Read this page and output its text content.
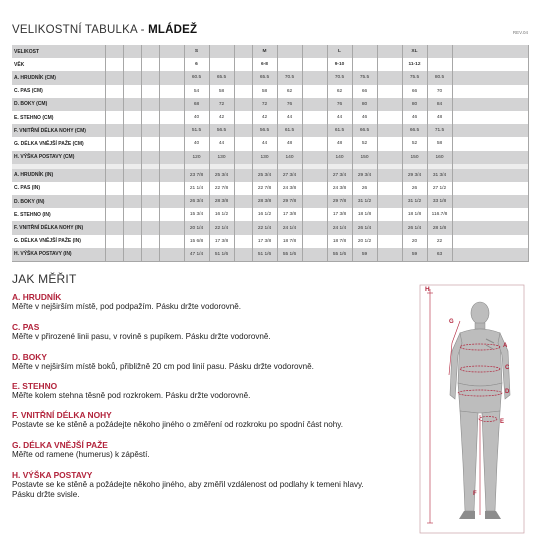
VELIKOSTNÍ TABULKA - MLÁDEŽ	REV.04
VELIKOST					S			M			L			XL		
VĚK					6			6-8			9-10			11-12		
A. HRUDNÍK (CM)					60.5	65.5		65.5	70.5		70.5	75.5		75.5	80.5	
C. PAS (CM)					54	58		58	62		62	66		66	70	
D. BOKY (CM)					68	72		72	76		76	80		80	84	
E. STEHNO (CM)					40	42		42	44		44	46		46	48	
F. VNITŘNÍ DÉLKA NOHY (CM)					51.5	56.5		56.5	61.5		61.5	66.5		66.5	71.5	
G. DÉLKA VNĚJŠÍ PAŽE (CM)					40	44		44	48		48	52		52	58	
H. VÝŠKA POSTAVY (CM)					120	130		130	140		140	150		150	160	

A. HRUDNÍK (IN)					23 7/8	25 3/4		25 3/4	27 3/4		27 3/4	29 3/4		29 3/4	31 3/4	
C. PAS (IN)					21 1/4	22 7/8		22 7/8	24 3/8		24 3/8	26		26	27 1/2	
D. BOKY (IN)					26 3/4	28 3/8		28 3/8	29 7/8		29 7/8	31 1/2		31 1/2	33 1/8	
E. STEHNO (IN)					15 3/4	16 1/2		16 1/2	17 3/8		17 3/8	18 1/8		18 1/8	116.7/8	
F. VNITŘNÍ DÉLKA NOHY (IN)					20 1/4	22 1/4		22 1/4	24 1/4		24 1/4	26 1/4		26 1/4	28 1/8	
G. DÉLKA VNĚJŠÍ PAŽE (IN)					15 6/8	17 3/8		17 3/8	18 7/8		18 7/8	20 1/2		20	22	
H. VÝŠKA POSTAVY (IN)					47 1/4	51 1/6		51 1/6	55 1/6		55 1/6	59		59	63	
JAK MĚŘIT
A. HRUDNÍK
Měřte v nejširším místě, pod podpažím. Pásku držte vodorovně.
C. PAS
Měřte v přirozené linii pasu, v rovině s pupíkem. Pásku držte vodorovně.
D. BOKY
Měřte v nejširším místě boků, přibližně 20 cm pod linií pasu. Pásku držte vodorovně.
E. STEHNO
Měřte kolem stehna těsně pod rozkrokem. Pásku držte vodorovně.
F. VNITŘNÍ DÉLKA NOHY
Postavte se ke stěně a požádejte někoho jiného o změření od rozkroku po spodní část nohy.
G. DÉLKA VNĚJŠÍ PAŽE
Měřte od ramene (humerus) k zápěstí.
H. VÝŠKA POSTAVY
Postavte se ke stěně a požádejte někoho jiného, aby změřil vzdálenost od podlahy k temeni hlavy.
Pásku držte svisle.
H
G
A
C
D
E
F
